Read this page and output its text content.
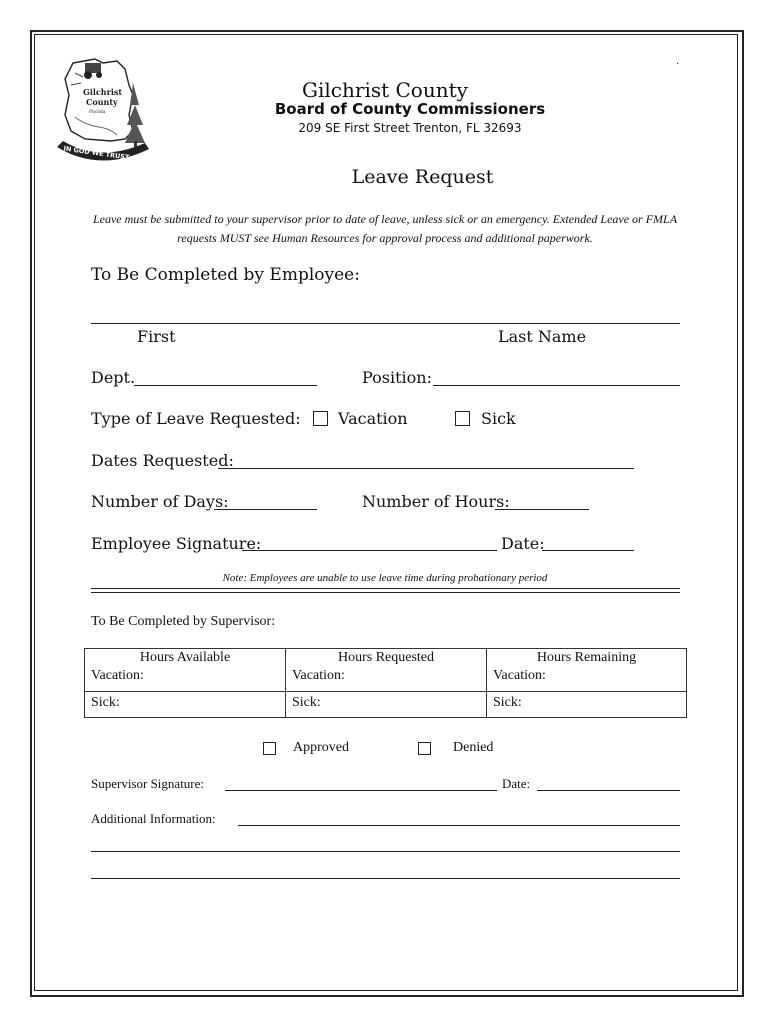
.
Gilchrist
County
Florida
IN GOD WE TRUST
Gilchrist County
Board of County Commissioners
209 SE First Street Trenton, FL 32693
Leave Request
Leave must be submitted to your supervisor prior to date of leave, unless sick or an emergency. Extended Leave or FMLA requests MUST see Human Resources for approval process and additional paperwork.
To Be Completed by Employee:
First	Last Name
Dept.	Position:
Type of Leave Requested: Vacation	Sick
Dates Requested:
Number of Days:	Number of Hours:
Employee Signature:	Date:
Note: Employees are unable to use leave time during probationary period
To Be Completed by Supervisor:
Hours Available	Hours Requested	Hours Remaining
Vacation:	Vacation:	Vacation:
Sick:	Sick:	Sick:
Approved	Denied
Supervisor Signature:	Date:
Additional Information:
